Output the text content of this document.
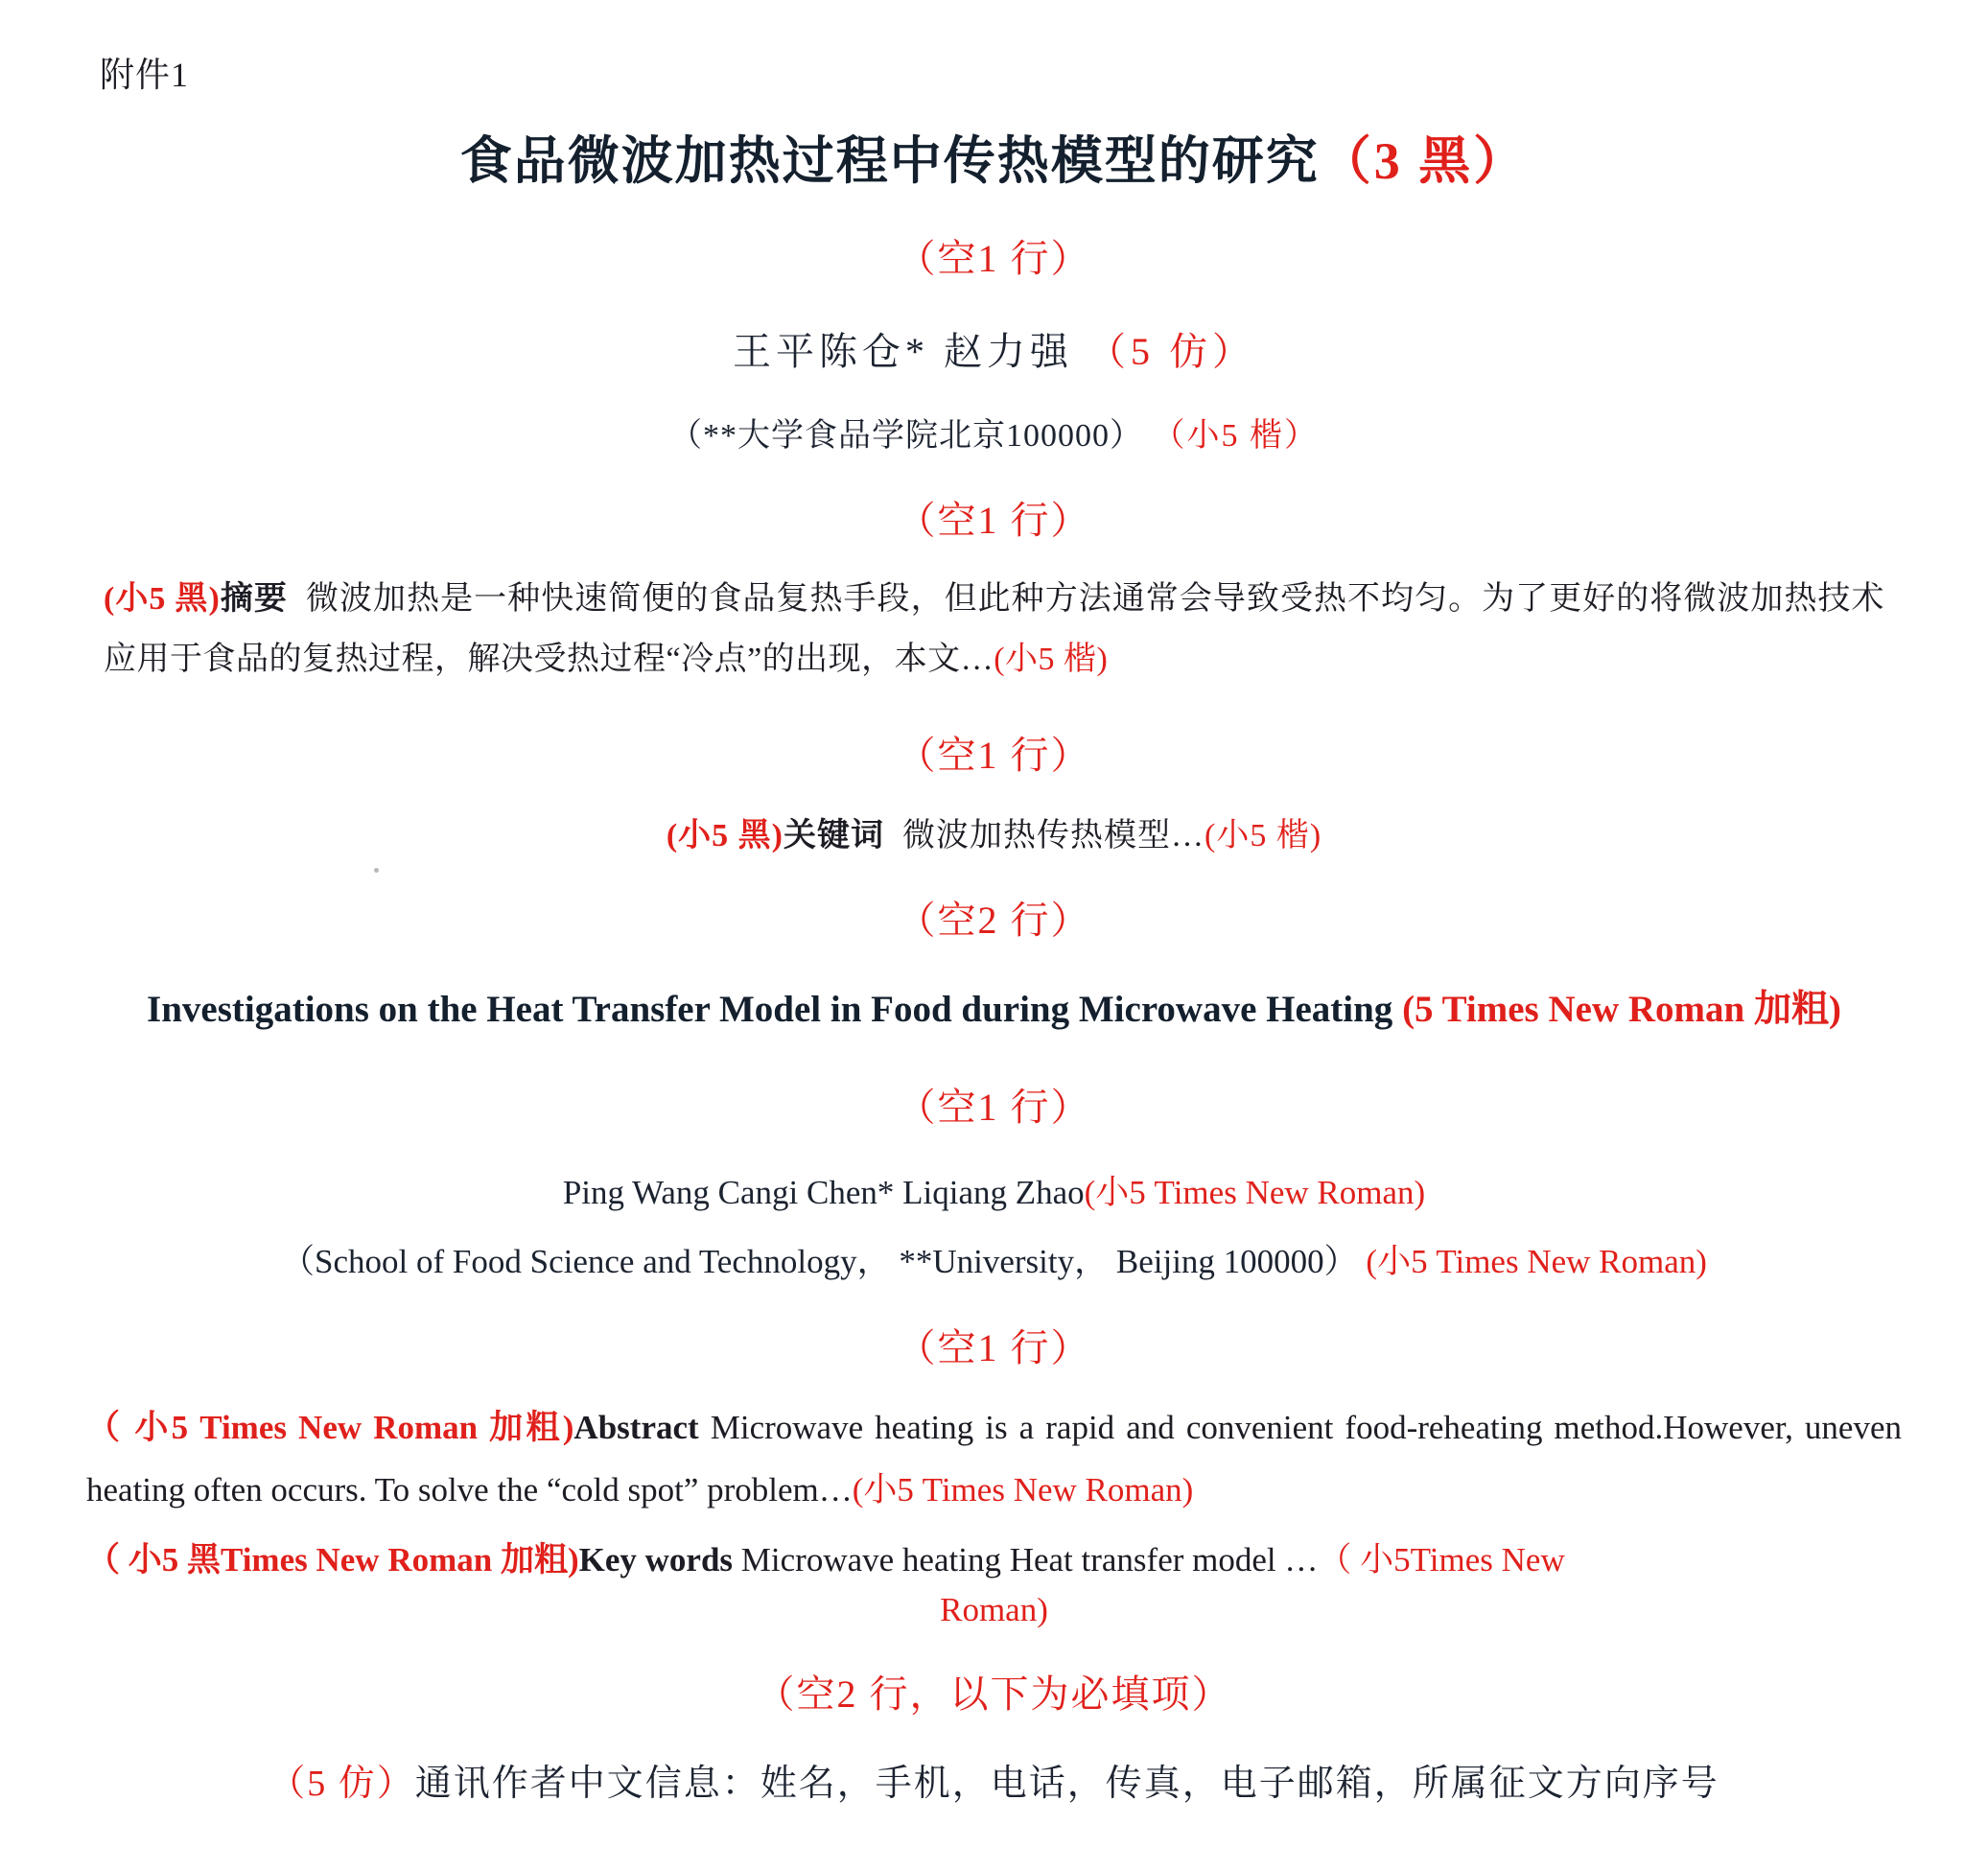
附件1
食品微波加热过程中传热模型的研究（3 黑）
（空1 行）
王平陈仓* 赵力强 （5 仿）
（**大学食品学院北京100000） （小5 楷）
（空1 行）
(小5 黑)摘要 微波加热是一种快速简便的食品复热手段，但此种方法通常会导致受热不均匀。为了更好的将微波加热技术应用于食品的复热过程，解决受热过程“冷点”的出现，本文…(小5 楷)
（空1 行）
(小5 黑)关键词 微波加热传热模型…(小5 楷)
（空2 行）
Investigations on the Heat Transfer Model in Food during Microwave Heating (5 Times New Roman 加粗)
（空1 行）
Ping Wang Cangi Chen* Liqiang Zhao(小5 Times New Roman)
（School of Food Science and Technology， **University， Beijing 100000） (小5 Times New Roman)
（空1 行）
（ 小5 Times New Roman 加粗)Abstract Microwave heating is a rapid and convenient food-reheating method.However, uneven heating often occurs. To solve the “cold spot” problem…(小5 Times New Roman)
（ 小5 黑Times New Roman 加粗)Key words Microwave heating Heat transfer model …（ 小5Times New
Roman)
（空2 行，以下为必填项）
（5 仿）通讯作者中文信息：姓名，手机，电话，传真，电子邮箱，所属征文方向序号
